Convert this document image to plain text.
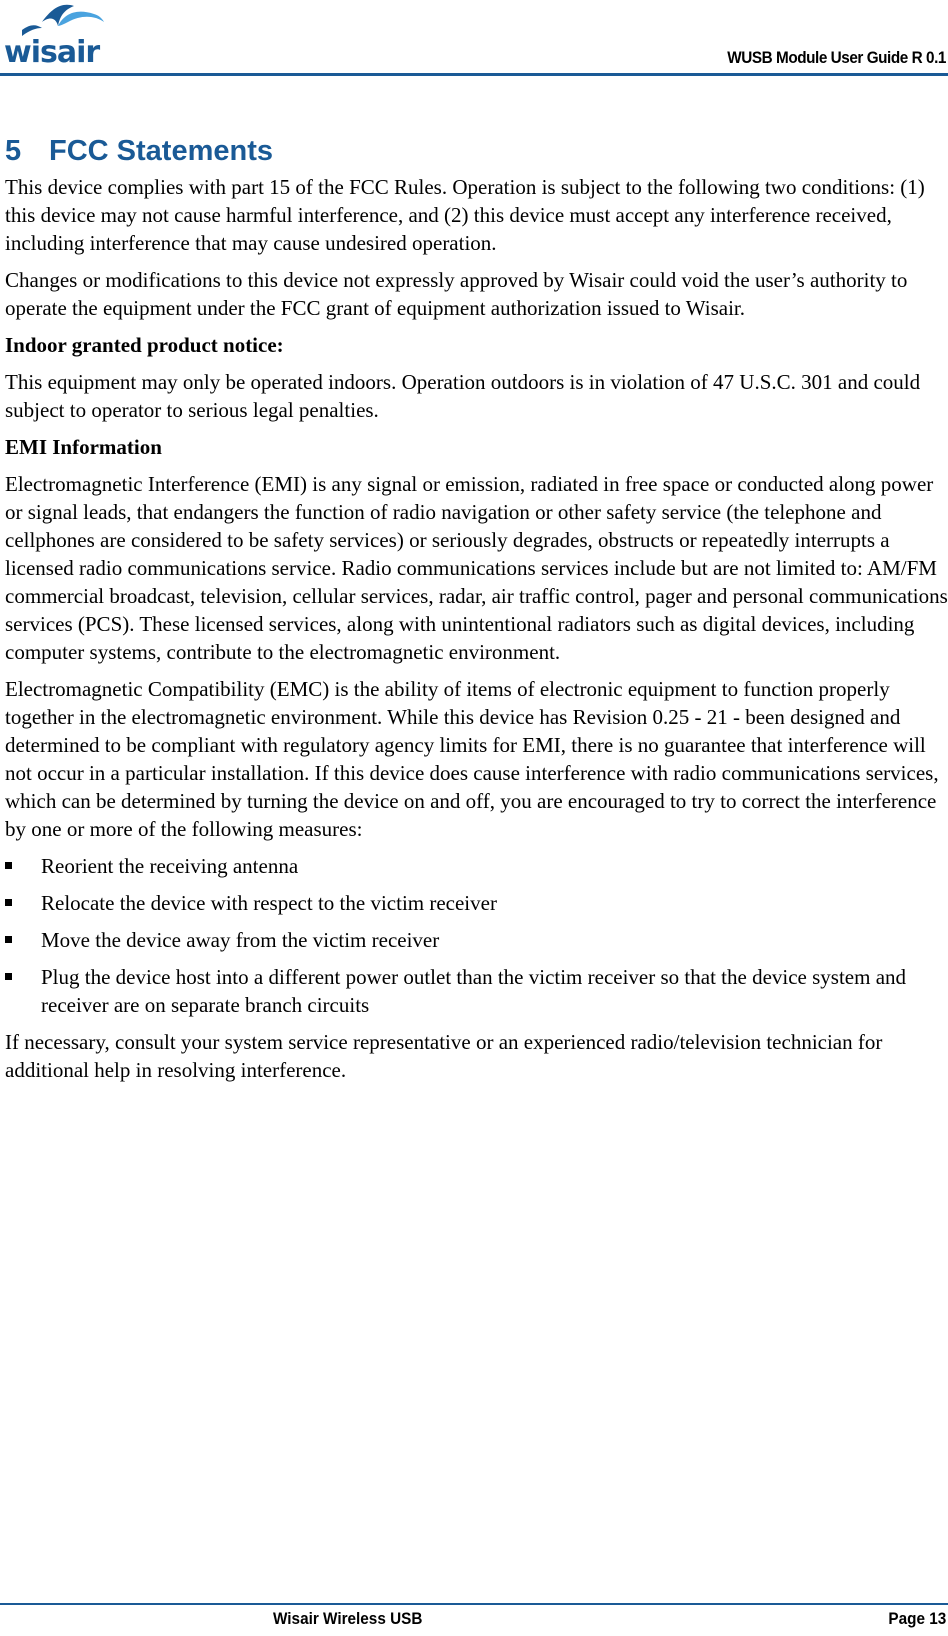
wisair	WUSB Module User Guide R 0.1
5 FCC Statements

This device complies with part 15 of the FCC Rules. Operation is subject to the following two conditions: (1) this device may not cause harmful interference, and (2) this device must accept any interference received, including interference that may cause undesired operation.

Changes or modifications to this device not expressly approved by Wisair could void the user’s authority to operate the equipment under the FCC grant of equipment authorization issued to Wisair.

Indoor granted product notice:

This equipment may only be operated indoors. Operation outdoors is in violation of 47 U.S.C. 301 and could subject to operator to serious legal penalties.

EMI Information

Electromagnetic Interference (EMI) is any signal or emission, radiated in free space or conducted along power or signal leads, that endangers the function of radio navigation or other safety service (the telephone and cellphones are considered to be safety services) or seriously degrades, obstructs or repeatedly interrupts a licensed radio communications service. Radio communications services include but are not limited to: AM/FM commercial broadcast, television, cellular services, radar, air traffic control, pager and personal communications services (PCS). These licensed services, along with unintentional radiators such as digital devices, including computer systems, contribute to the electromagnetic environment.

Electromagnetic Compatibility (EMC) is the ability of items of electronic equipment to function properly together in the electromagnetic environment. While this device has Revision 0.25 - 21 - been designed and determined to be compliant with regulatory agency limits for EMI, there is no guarantee that interference will not occur in a particular installation. If this device does cause interference with radio communications services, which can be determined by turning the device on and off, you are encouraged to try to correct the interference by one or more of the following measures:

Reorient the receiving antenna
Relocate the device with respect to the victim receiver
Move the device away from the victim receiver
Plug the device host into a different power outlet than the victim receiver so that the device system and receiver are on separate branch circuits

If necessary, consult your system service representative or an experienced radio/television technician for additional help in resolving interference.

Wisair Wireless USB	Page 13
